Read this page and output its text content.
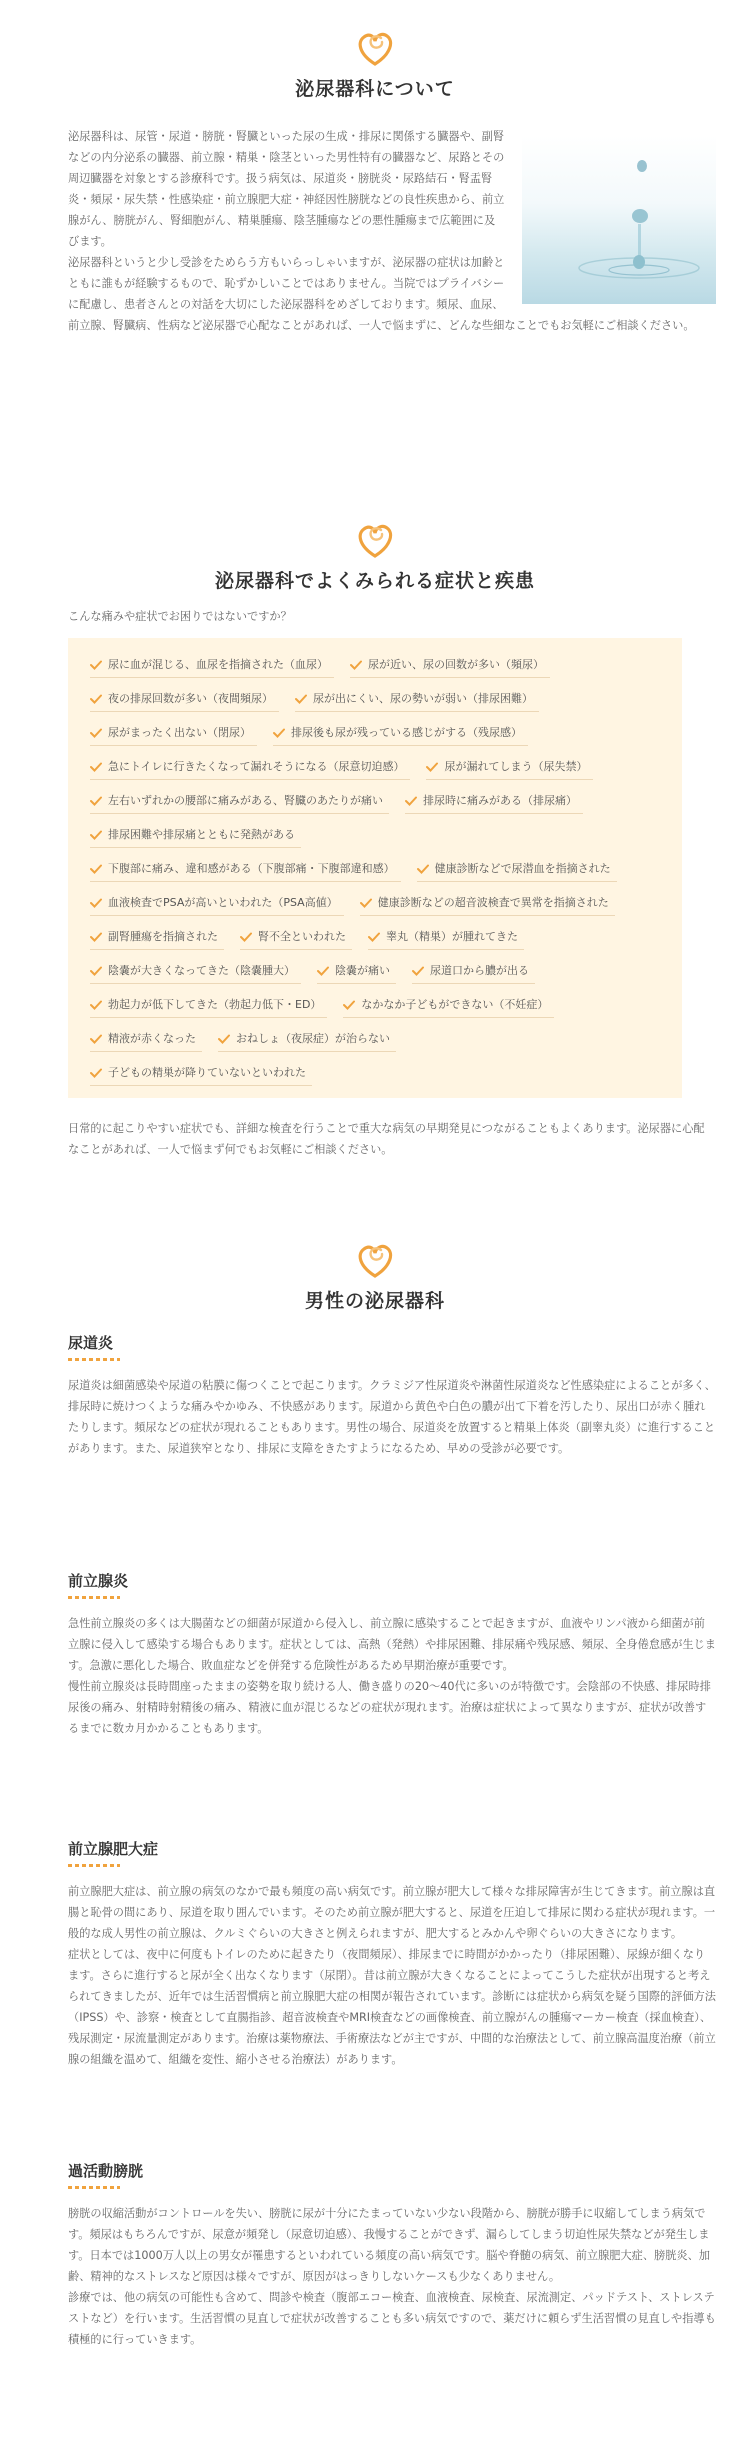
泌尿器科について

泌尿器科は、尿管・尿道・膀胱・腎臓といった尿の生成・排尿に関係する臓器や、副腎などの内分泌系の臓器、前立腺・精巣・陰茎といった男性特有の臓器など、尿路とその周辺臓器を対象とする診療科です。扱う病気は、尿道炎・膀胱炎・尿路結石・腎盂腎炎・頻尿・尿失禁・性感染症・前立腺肥大症・神経因性膀胱などの良性疾患から、前立腺がん、膀胱がん、腎細胞がん、精巣腫瘍、陰茎腫瘍などの悪性腫瘍まで広範囲に及びます。

泌尿器科というと少し受診をためらう方もいらっしゃいますが、泌尿器の症状は加齢とともに誰もが経験するもので、恥ずかしいことではありません。当院ではプライバシーに配慮し、患者さんとの対話を大切にした泌尿器科をめざしております。頻尿、血尿、前立腺、腎臓病、性病など泌尿器で心配なことがあれば、一人で悩まずに、どんな些細なことでもお気軽にご相談ください。

泌尿器科でよくみられる症状と疾患
こんな痛みや症状でお困りではないですか？
尿に血が混じる、血尿を指摘された（血尿）	尿が近い、尿の回数が多い（頻尿）
夜の排尿回数が多い（夜間頻尿）	尿が出にくい、尿の勢いが弱い（排尿困難）
尿がまったく出ない（閉尿）	排尿後も尿が残っている感じがする（残尿感）
急にトイレに行きたくなって漏れそうになる（尿意切迫感）	尿が漏れてしまう（尿失禁）
左右いずれかの腰部に痛みがある、腎臓のあたりが痛い	排尿時に痛みがある（排尿痛）
排尿困難や排尿痛とともに発熱がある
下腹部に痛み、違和感がある（下腹部痛・下腹部違和感）	健康診断などで尿潜血を指摘された
血液検査でPSAが高いといわれた（PSA高値）	健康診断などの超音波検査で異常を指摘された
副腎腫瘍を指摘された	腎不全といわれた	睾丸（精巣）が腫れてきた
陰嚢が大きくなってきた（陰嚢腫大）	陰嚢が痛い	尿道口から膿が出る
勃起力が低下してきた（勃起力低下・ED）	なかなか子どもができない（不妊症）
精液が赤くなった	おねしょ（夜尿症）が治らない
子どもの精巣が降りていないといわれた

日常的に起こりやすい症状でも、詳細な検査を行うことで重大な病気の早期発見につながることもよくあります。泌尿器に心配なことがあれば、一人で悩まず何でもお気軽にご相談ください。

男性の泌尿器科
尿道炎

尿道炎は細菌感染や尿道の粘膜に傷つくことで起こります。クラミジア性尿道炎や淋菌性尿道炎など性感染症によることが多く、排尿時に焼けつくような痛みやかゆみ、不快感があります。尿道から黄色や白色の膿が出て下着を汚したり、尿出口が赤く腫れたりします。頻尿などの症状が現れることもあります。男性の場合、尿道炎を放置すると精巣上体炎（副睾丸炎）に進行することがあります。また、尿道狭窄となり、排尿に支障をきたすようになるため、早めの受診が必要です。

前立腺炎

急性前立腺炎の多くは大腸菌などの細菌が尿道から侵入し、前立腺に感染することで起きますが、血液やリンパ液から細菌が前立腺に侵入して感染する場合もあります。症状としては、高熱（発熱）や排尿困難、排尿痛や残尿感、頻尿、全身倦怠感が生じます。急激に悪化した場合、敗血症などを併発する危険性があるため早期治療が重要です。

慢性前立腺炎は長時間座ったままの姿勢を取り続ける人、働き盛りの20〜40代に多いのが特徴です。会陰部の不快感、排尿時排尿後の痛み、射精時射精後の痛み、精液に血が混じるなどの症状が現れます。治療は症状によって異なりますが、症状が改善するまでに数カ月かかることもあります。

前立腺肥大症

前立腺肥大症は、前立腺の病気のなかで最も頻度の高い病気です。前立腺が肥大して様々な排尿障害が生じてきます。前立腺は直腸と恥骨の間にあり、尿道を取り囲んでいます。そのため前立腺が肥大すると、尿道を圧迫して排尿に関わる症状が現れます。一般的な成人男性の前立腺は、クルミぐらいの大きさと例えられますが、肥大するとみかんや卵ぐらいの大きさになります。

症状としては、夜中に何度もトイレのために起きたり（夜間頻尿）、排尿までに時間がかかったり（排尿困難）、尿線が細くなります。さらに進行すると尿が全く出なくなります（尿閉）。昔は前立腺が大きくなることによってこうした症状が出現すると考えられてきましたが、近年では生活習慣病と前立腺肥大症の相関が報告されています。診断には症状から病気を疑う国際的評価方法（IPSS）や、診察・検査として直腸指診、超音波検査やMRI検査などの画像検査、前立腺がんの腫瘍マーカー検査（採血検査）、残尿測定・尿流量測定があります。治療は薬物療法、手術療法などが主ですが、中間的な治療法として、前立腺高温度治療（前立腺の組織を温めて、組織を変性、縮小させる治療法）があります。

過活動膀胱

膀胱の収縮活動がコントロールを失い、膀胱に尿が十分にたまっていない少ない段階から、膀胱が勝手に収縮してしまう病気です。頻尿はもちろんですが、尿意が頻発し（尿意切迫感）、我慢することができず、漏らしてしまう切迫性尿失禁などが発生します。日本では1000万人以上の男女が罹患するといわれている頻度の高い病気です。脳や脊髄の病気、前立腺肥大症、膀胱炎、加齢、精神的なストレスなど原因は様々ですが、原因がはっきりしないケースも少なくありません。

診療では、他の病気の可能性も含めて、問診や検査（腹部エコー検査、血液検査、尿検査、尿流測定、パッドテスト、ストレステストなど）を行います。生活習慣の見直しで症状が改善することも多い病気ですので、薬だけに頼らず生活習慣の見直しや指導も積極的に行っていきます。
